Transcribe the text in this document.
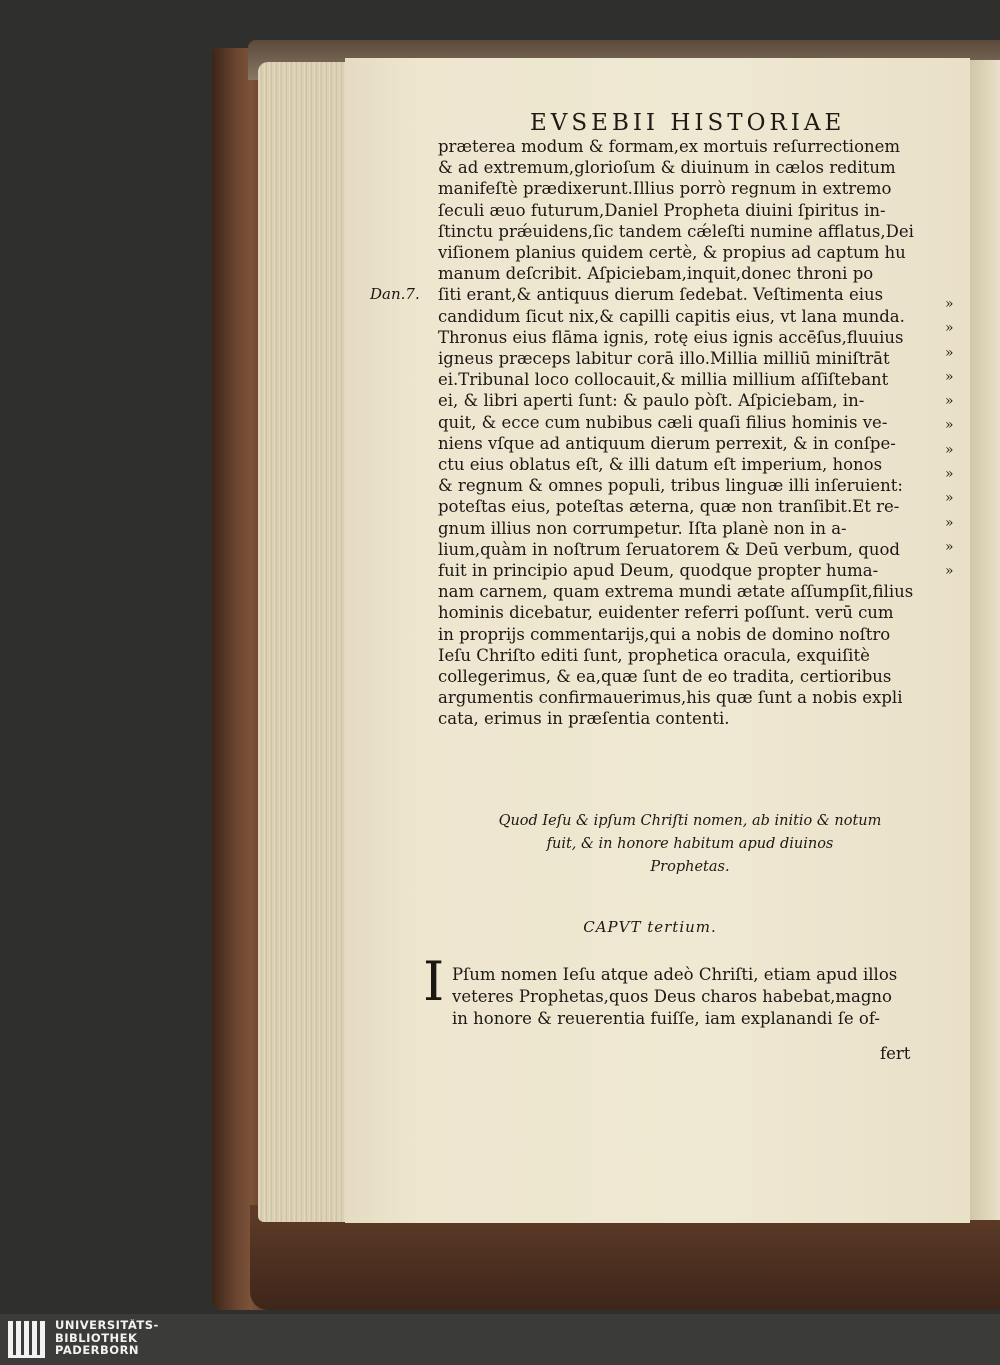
EVSEBII HISTORIAE
Dan.7.
præterea modum & formam,ex mortuis reſurrectionem
& ad extremum,glorioſum & diuinum in cælos reditum
manifeſtè prædixerunt.Illius porrò regnum in extremo
ſeculi æuo futurum,Daniel Propheta diuini ſpiritus in-
ſtinctu prǽuidens,ſic tandem cǽleſti numine afflatus,Dei
viſionem planius quidem certè, & propius ad captum hu
manum deſcribit. Aſpiciebam,inquit,donec throni po
ſiti erant,& antiquus dierum ſedebat. Veſtimenta eius
candidum ſicut nix,& capilli capitis eius, vt lana munda.
Thronus eius flāma ignis, rotę eius ignis accēſus,fluuius
igneus præceps labitur corā illo.Millia milliū miniſtrāt
ei.Tribunal loco collocauit,& millia millium aſſiſtebant
ei, & libri aperti ſunt: & paulo pòſt. Aſpiciebam, in-
quit, & ecce cum nubibus cæli quaſi filius hominis ve-
niens vſque ad antiquum dierum perrexit, & in conſpe-
ctu eius oblatus eſt, & illi datum eſt imperium, honos
& regnum & omnes populi, tribus linguæ illi inſeruient:
poteſtas eius, poteſtas æterna, quæ non tranſibit.Et re-
gnum illius non corrumpetur. Iſta planè non in a-
lium,quàm in noſtrum ſeruatorem & Deū verbum, quod
fuit in principio apud Deum, quodque propter huma-
nam carnem, quam extrema mundi ætate aſſumpſit,filius
hominis dicebatur, euidenter referri poſſunt. verū cum
in proprijs commentarijs,qui a nobis de domino noſtro
Ieſu Chriſto editi ſunt, prophetica oracula, exquiſitè
collegerimus, & ea,quæ ſunt de eo tradita, certioribus
argumentis confirmauerimus,his quæ ſunt a nobis expli
cata, erimus in præſentia contenti.
»
»
»
»
»
»
»
»
»
»
»
»
Quod Ieſu & ipſum Chriſti nomen, ab initio & notum
fuit, & in honore habitum apud diuinos
Prophetas.
CAPVT tertium.
I Pſum nomen Ieſu atque adeò Chriſti, etiam apud illos
veteres Prophetas,quos Deus charos habebat,magno
in honore & reuerentia fuiſſe, iam explanandi ſe of-
fert
UNIVERSITÄTS-
BIBLIOTHEK
PADERBORN
